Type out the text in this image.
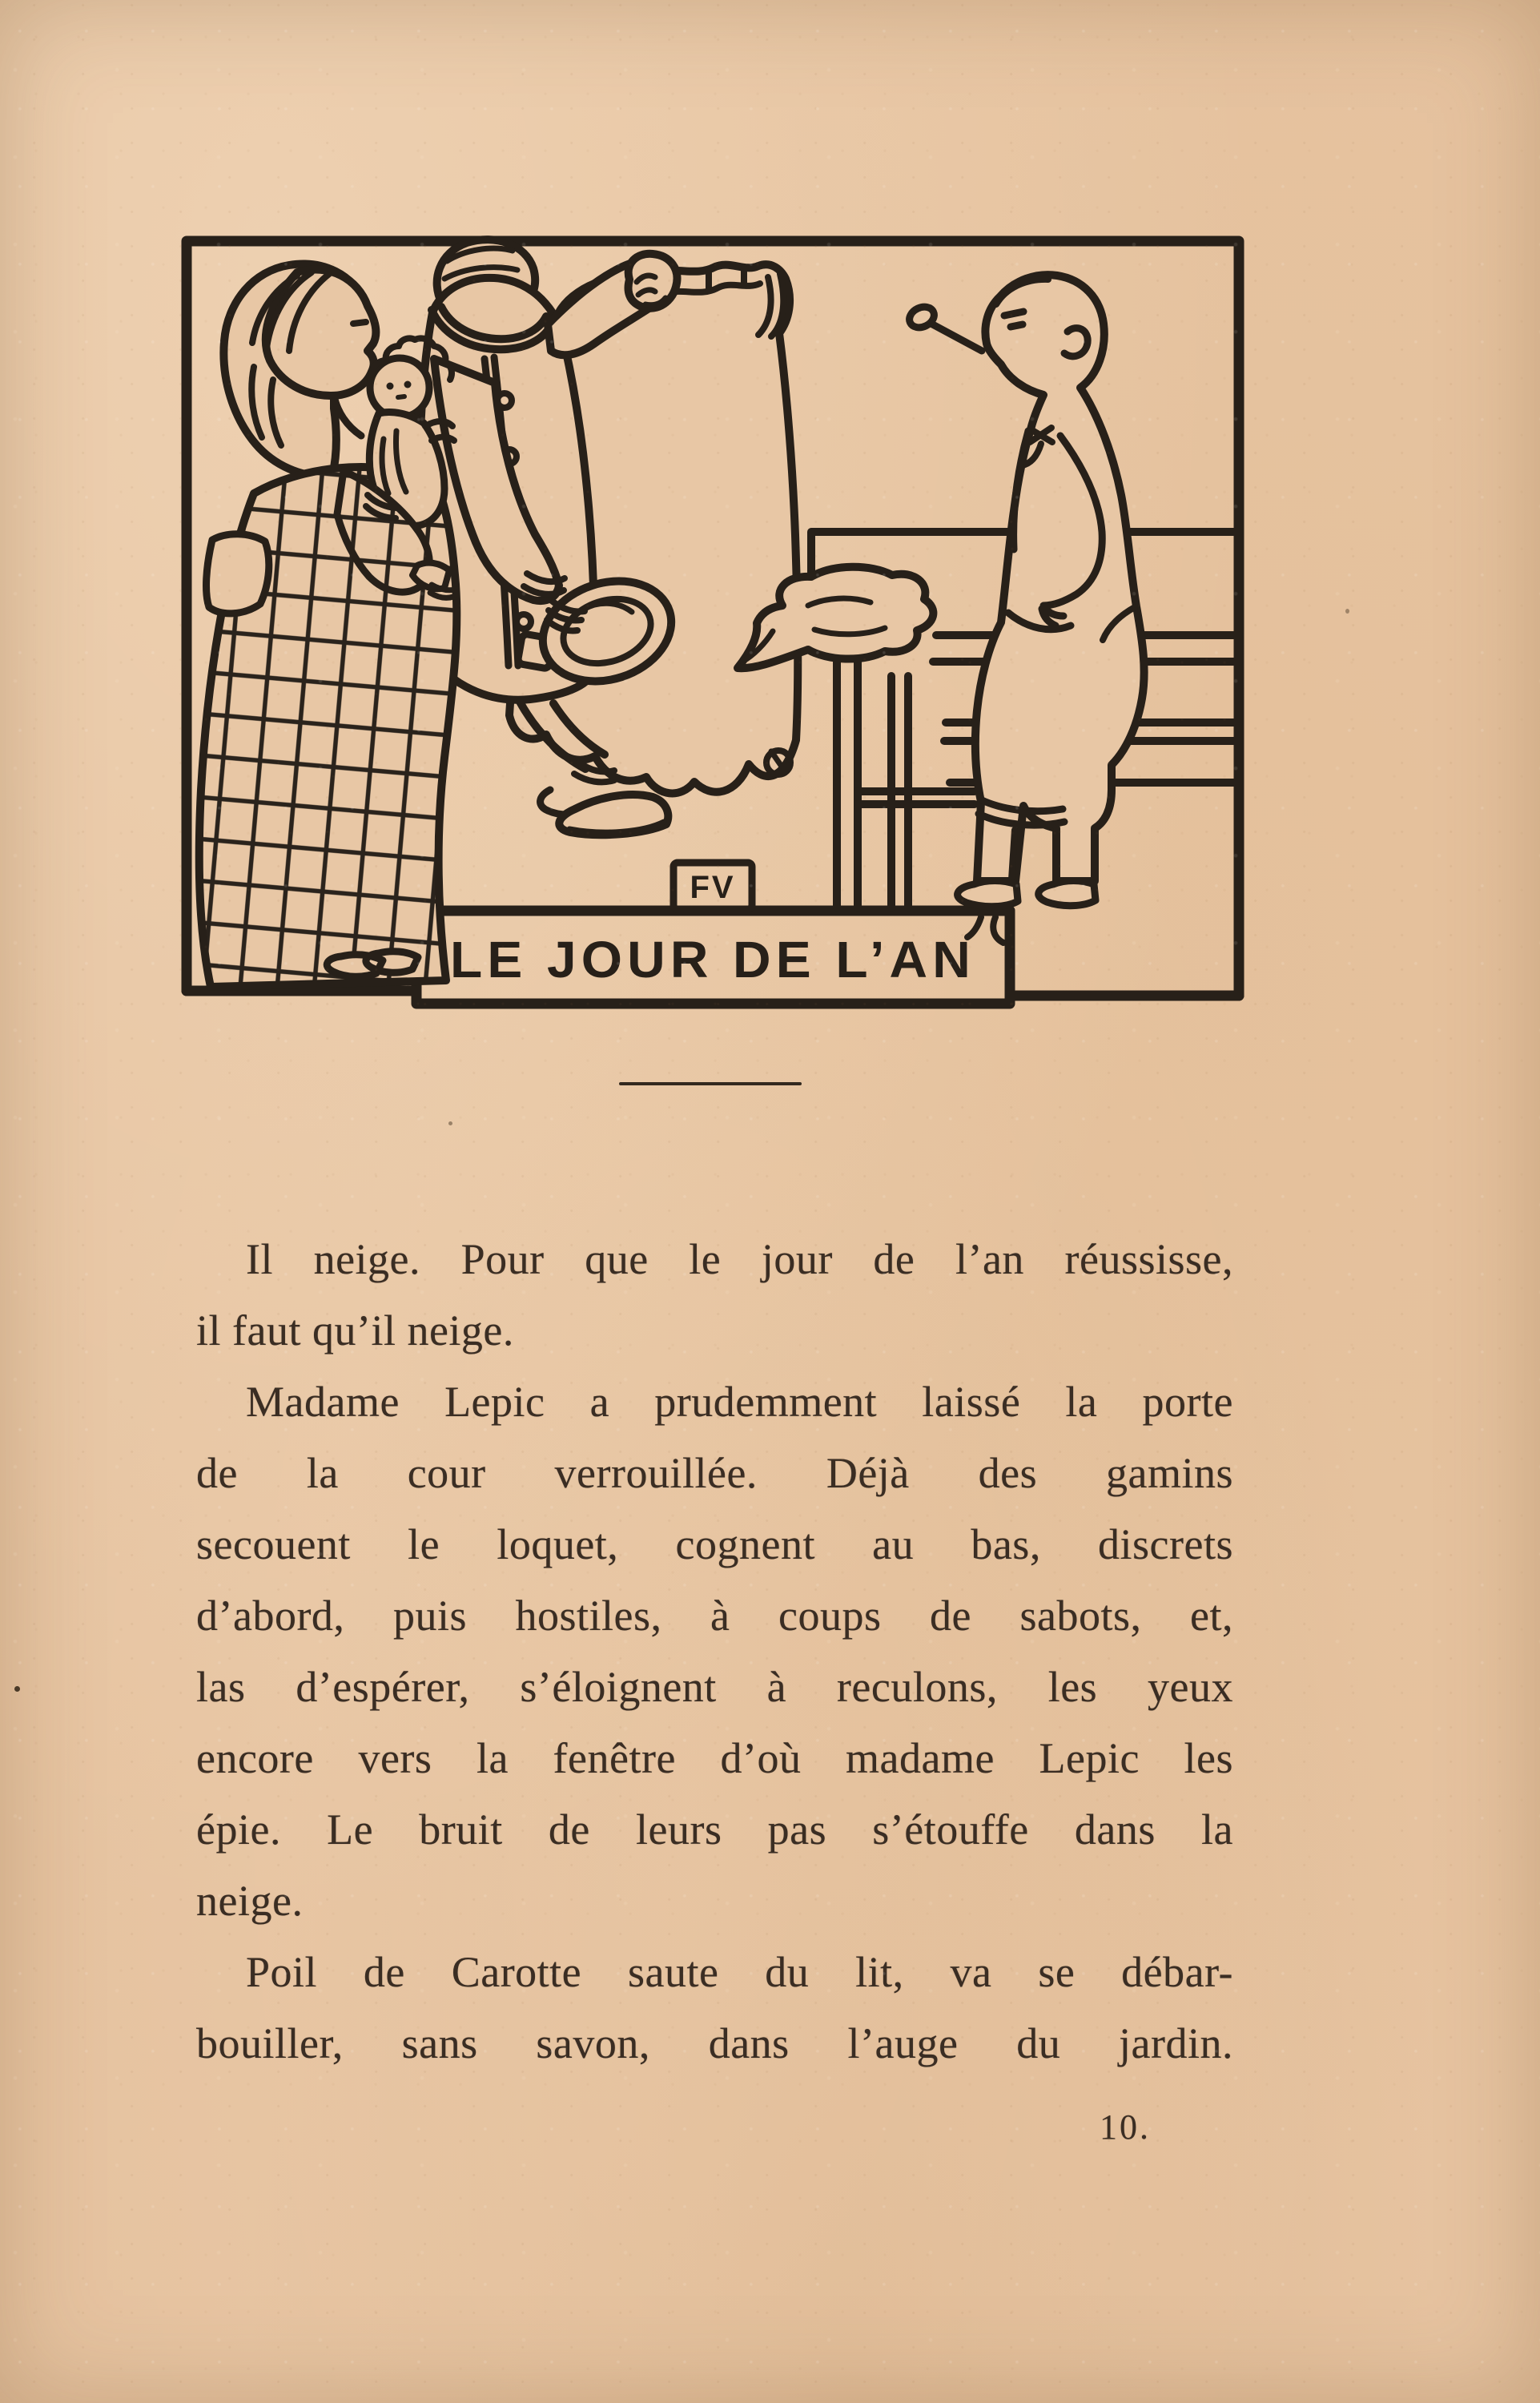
FV
LE JOUR DE L’AN
Il neige. Pour que le jour de l’an réussisse,
il faut qu’il neige.
Madame Lepic a prudemment laissé la porte
de la cour verrouillée. Déjà des gamins
secouent le loquet, cognent au bas, discrets
d’abord, puis hostiles, à coups de sabots, et,
las d’espérer, s’éloignent à reculons, les yeux
encore vers la fenêtre d’où madame Lepic les
épie. Le bruit de leurs pas s’étouffe dans la
neige.
Poil de Carotte saute du lit, va se débar-
bouiller, sans savon, dans l’auge du jardin.
10.
